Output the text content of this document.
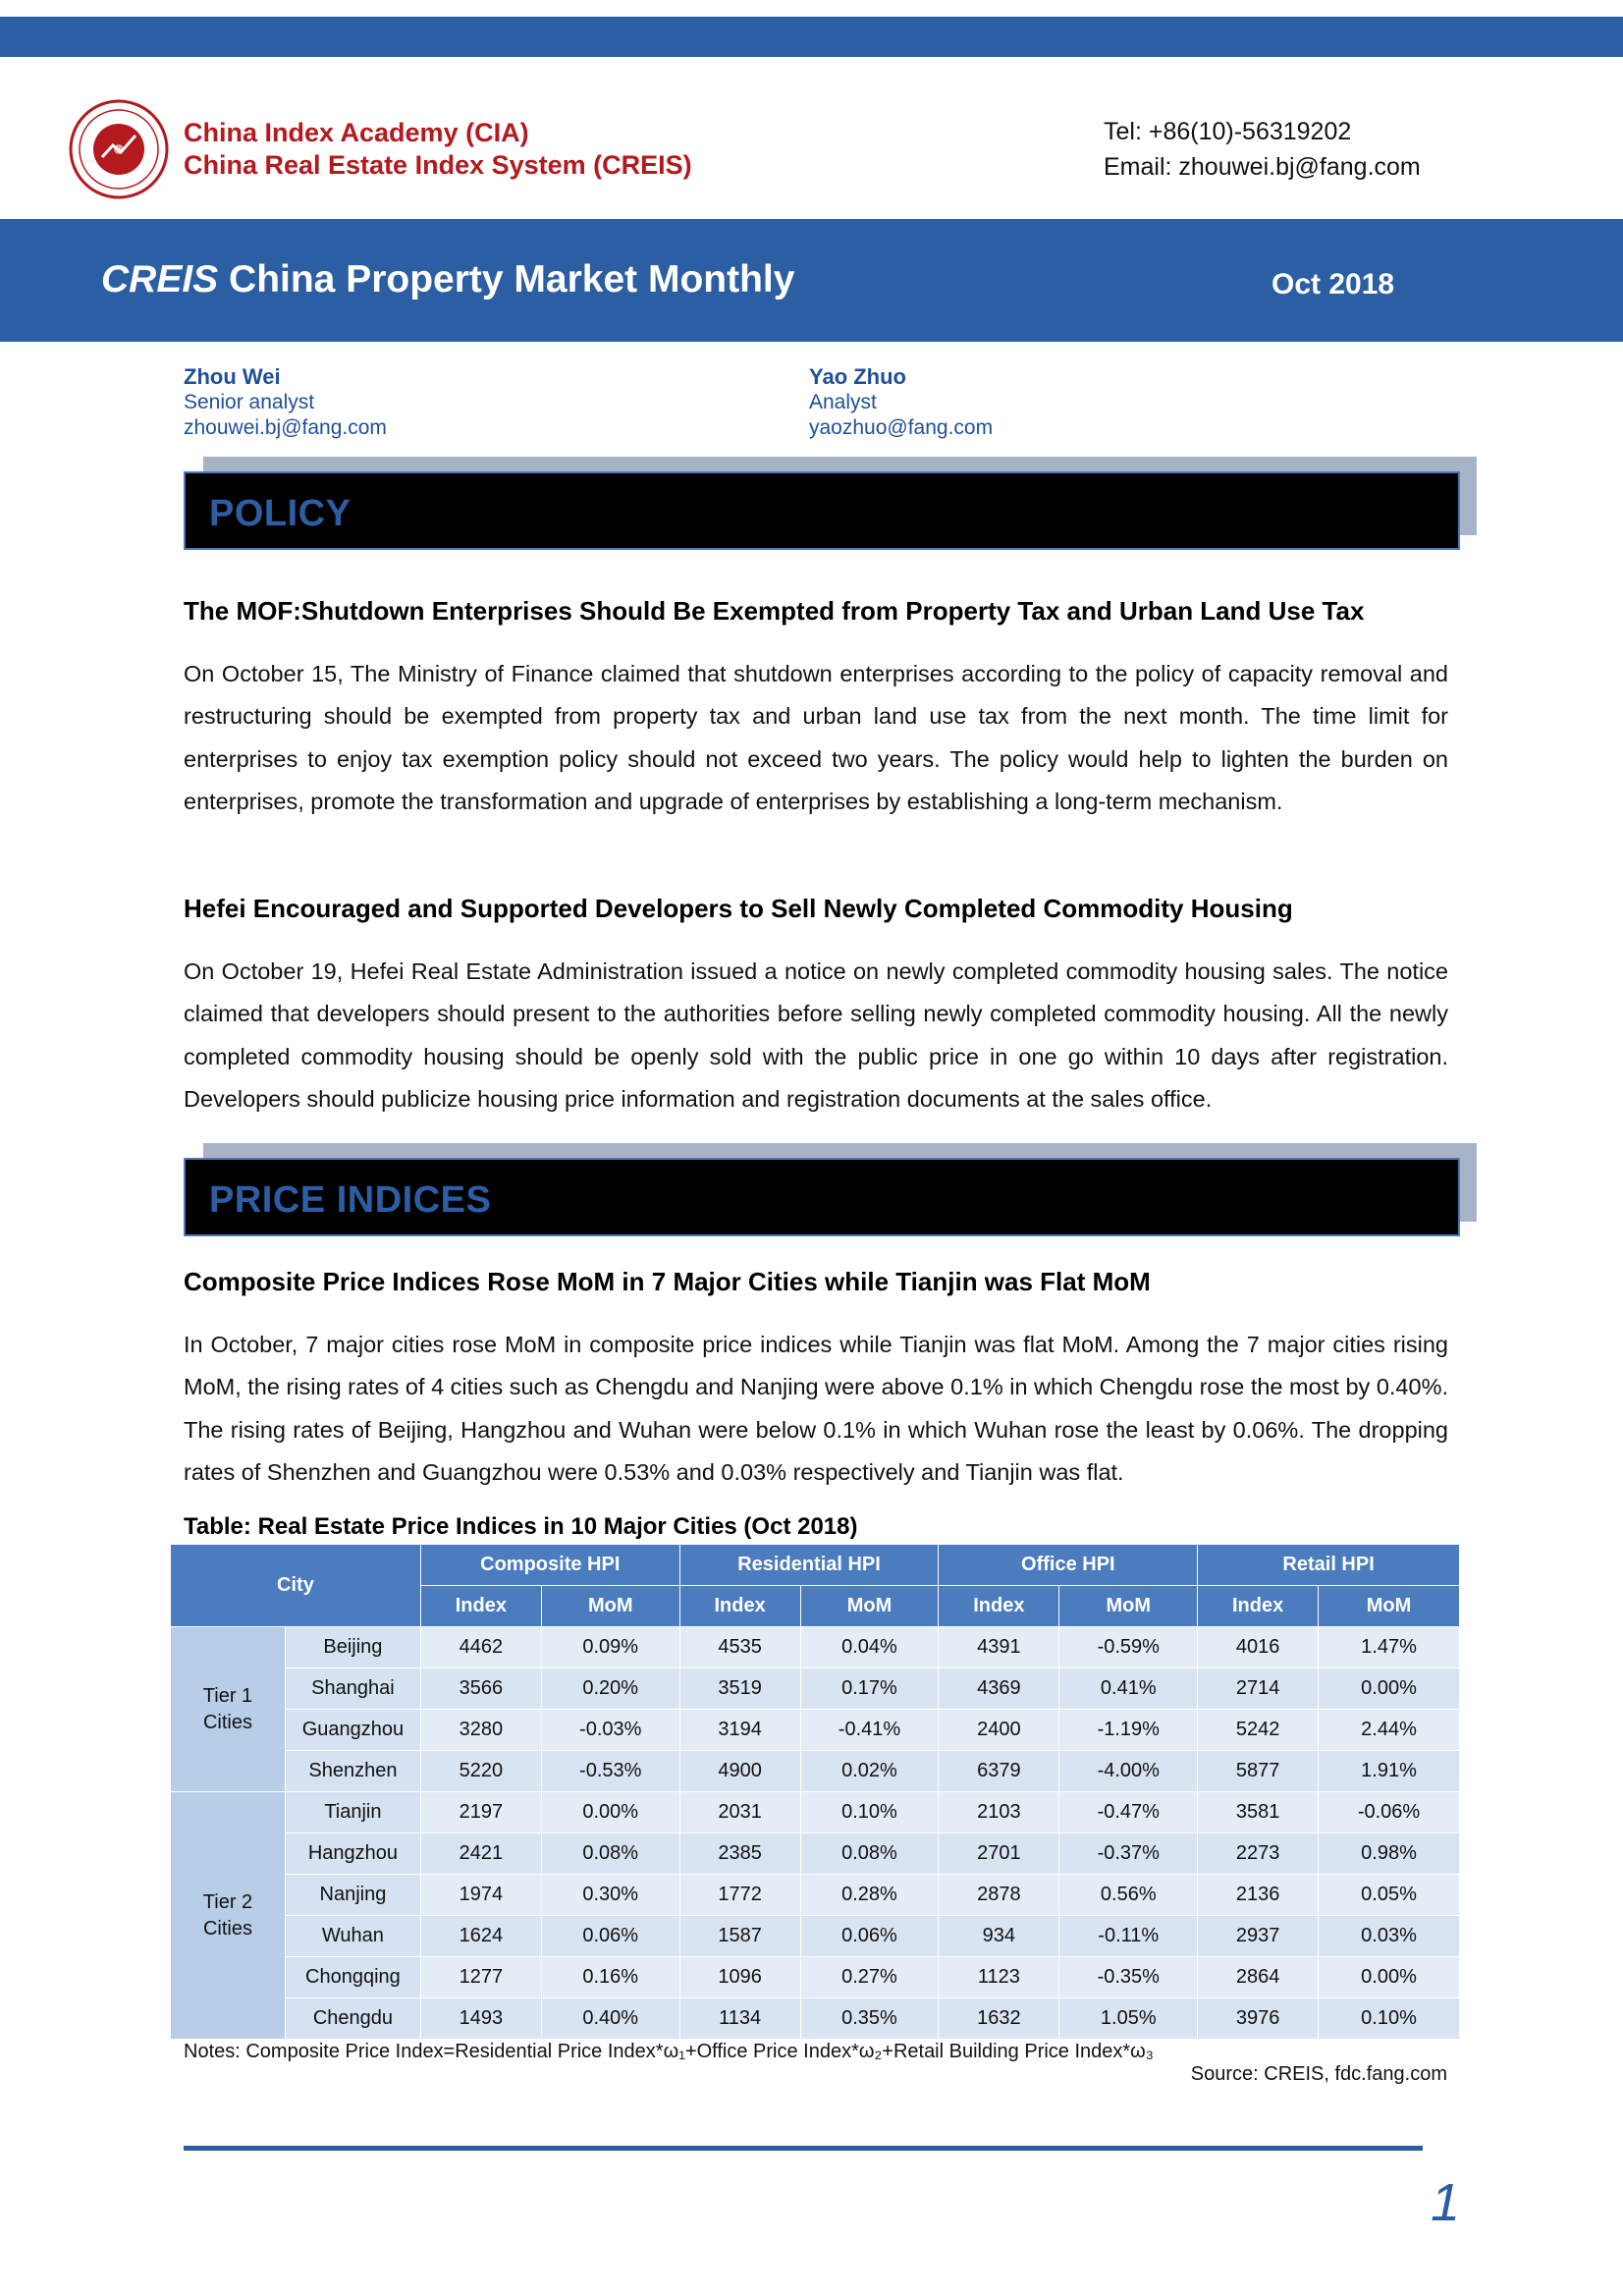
China Index Academy (CIA)
China Real Estate Index System (CREIS)
Tel: +86(10)-56319202
Email: zhouwei.bj@fang.com
CREIS China Property Market Monthly	Oct 2018
Zhou Wei
Senior analyst
zhouwei.bj@fang.com
Yao Zhuo
Analyst
yaozhuo@fang.com
POLICY
The MOF:Shutdown Enterprises Should Be Exempted from Property Tax and Urban Land Use Tax
On October 15, The Ministry of Finance claimed that shutdown enterprises according to the policy of capacity removal and restructuring should be exempted from property tax and urban land use tax from the next month. The time limit for enterprises to enjoy tax exemption policy should not exceed two years. The policy would help to lighten the burden on enterprises, promote the transformation and upgrade of enterprises by establishing a long-term mechanism.
Hefei Encouraged and Supported Developers to Sell Newly Completed Commodity Housing
On October 19, Hefei Real Estate Administration issued a notice on newly completed commodity housing sales. The notice claimed that developers should present to the authorities before selling newly completed commodity housing. All the newly completed commodity housing should be openly sold with the public price in one go within 10 days after registration. Developers should publicize housing price information and registration documents at the sales office.
PRICE INDICES
Composite Price Indices Rose MoM in 7 Major Cities while Tianjin was Flat MoM
In October, 7 major cities rose MoM in composite price indices while Tianjin was flat MoM. Among the 7 major cities rising MoM, the rising rates of 4 cities such as Chengdu and Nanjing were above 0.1% in which Chengdu rose the most by 0.40%. The rising rates of Beijing, Hangzhou and Wuhan were below 0.1% in which Wuhan rose the least by 0.06%. The dropping rates of Shenzhen and Guangzhou were 0.53% and 0.03% respectively and Tianjin was flat.
Table: Real Estate Price Indices in 10 Major Cities (Oct 2018)
City		Composite HPI		Residential HPI		Office HPI		Retail HPI	
		Index	MoM	Index	MoM	Index	MoM	Index	MoM
Tier 1 Cities	Beijing	4462	0.09%	4535	0.04%	4391	-0.59%	4016	1.47%
	Shanghai	3566	0.20%	3519	0.17%	4369	0.41%	2714	0.00%
	Guangzhou	3280	-0.03%	3194	-0.41%	2400	-1.19%	5242	2.44%
	Shenzhen	5220	-0.53%	4900	0.02%	6379	-4.00%	5877	1.91%
Tier 2 Cities	Tianjin	2197	0.00%	2031	0.10%	2103	-0.47%	3581	-0.06%
	Hangzhou	2421	0.08%	2385	0.08%	2701	-0.37%	2273	0.98%
	Nanjing	1974	0.30%	1772	0.28%	2878	0.56%	2136	0.05%
	Wuhan	1624	0.06%	1587	0.06%	934	-0.11%	2937	0.03%
	Chongqing	1277	0.16%	1096	0.27%	1123	-0.35%	2864	0.00%
	Chengdu	1493	0.40%	1134	0.35%	1632	1.05%	3976	0.10%
Notes: Composite Price Index=Residential Price Index*ω₁+Office Price Index*ω₂+Retail Building Price Index*ω₃
Source: CREIS, fdc.fang.com
1
